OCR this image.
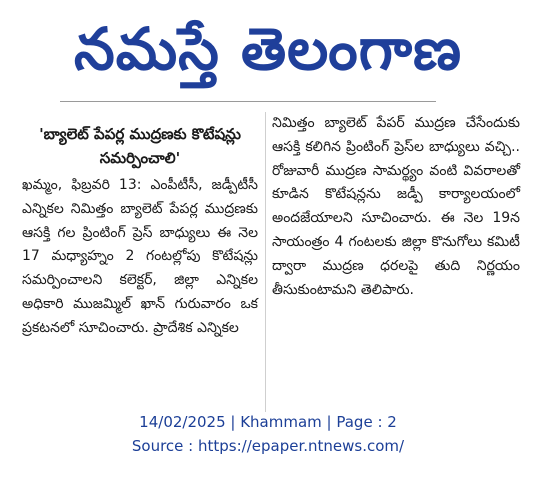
నమస్తే తెలంగాణ
'బ్యాలెట్ పేపర్ల ముద్రణకు కొటేషన్లు సమర్పించాలి'

ఖమ్మం, ఫిబ్రవరి 13: ఎంపీటీసీ, జడ్పీటీసీ ఎన్నికల నిమిత్తం బ్యాలెట్ పేపర్ల ముద్రణకు ఆసక్తి గల ప్రింటింగ్ ప్రెస్ బాధ్యులు ఈ నెల 17 మధ్యాహ్నం 2 గంటల్లోపు కొటేషన్లు సమర్పించాలని కలెక్టర్, జిల్లా ఎన్నికల అధికారి ముజమ్మిల్ ఖాన్ గురువారం ఒక ప్రకటనలో సూచించారు. ప్రాదేశిక ఎన్నికల

నిమిత్తం బ్యాలెట్ పేపర్ ముద్రణ చేసేందుకు ఆసక్తి కలిగిన ప్రింటింగ్ ప్రెస్‌ల బాధ్యులు వచ్చి.. రోజువారీ ముద్రణ సామర్థ్యం వంటి వివరాలతో కూడిన కొటేషన్లను జడ్పీ కార్యాలయంలో అందజేయాలని సూచించారు. ఈ నెల 19న సాయంత్రం 4 గంటలకు జిల్లా కొనుగోలు కమిటీ ద్వారా ముద్రణ ధరలపై తుది నిర్ణయం తీసుకుంటామని తెలిపారు.

14/02/2025 | Khammam | Page : 2
Source : https://epaper.ntnews.com/
